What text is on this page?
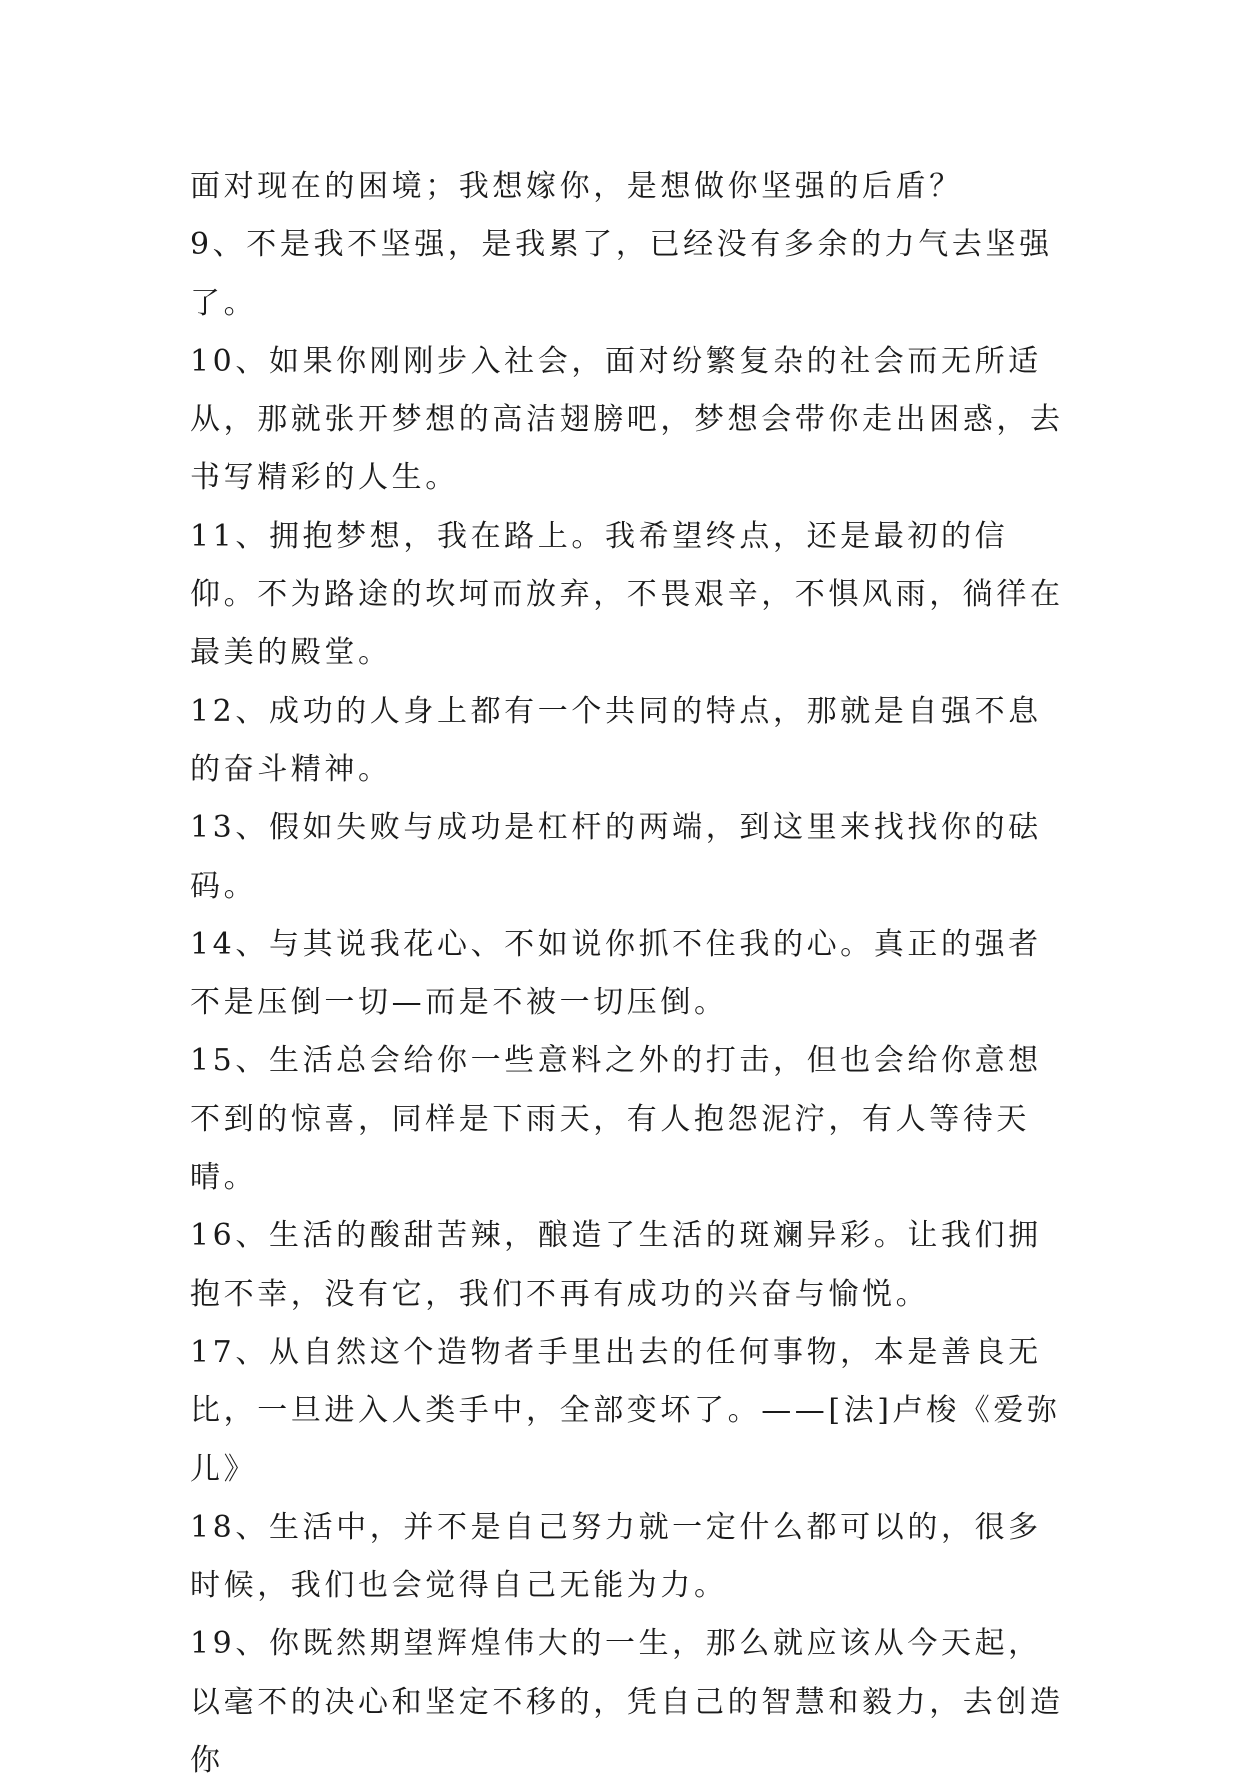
面对现在的困境；我想嫁你，是想做你坚强的后盾？

9、不是我不坚强，是我累了，已经没有多余的力气去坚强了。

10、如果你刚刚步入社会，面对纷繁复杂的社会而无所适从，那就张开梦想的高洁翅膀吧，梦想会带你走出困惑，去书写精彩的人生。

11、拥抱梦想，我在路上。我希望终点，还是最初的信仰。不为路途的坎坷而放弃，不畏艰辛，不惧风雨，徜徉在最美的殿堂。

12、成功的人身上都有一个共同的特点，那就是自强不息的奋斗精神。

13、假如失败与成功是杠杆的两端，到这里来找找你的砝码。

14、与其说我花心、不如说你抓不住我的心。真正的强者不是压倒一切—而是不被一切压倒。

15、生活总会给你一些意料之外的打击，但也会给你意想不到的惊喜，同样是下雨天，有人抱怨泥泞，有人等待天晴。

16、生活的酸甜苦辣，酿造了生活的斑斓异彩。让我们拥抱不幸，没有它，我们不再有成功的兴奋与愉悦。

17、从自然这个造物者手里出去的任何事物，本是善良无比，一旦进入人类手中，全部变坏了。——[法]卢梭《爱弥儿》

18、生活中，并不是自己努力就一定什么都可以的，很多时候，我们也会觉得自己无能为力。

19、你既然期望辉煌伟大的一生，那么就应该从今天起，以毫不的决心和坚定不移的，凭自己的智慧和毅力，去创造你
